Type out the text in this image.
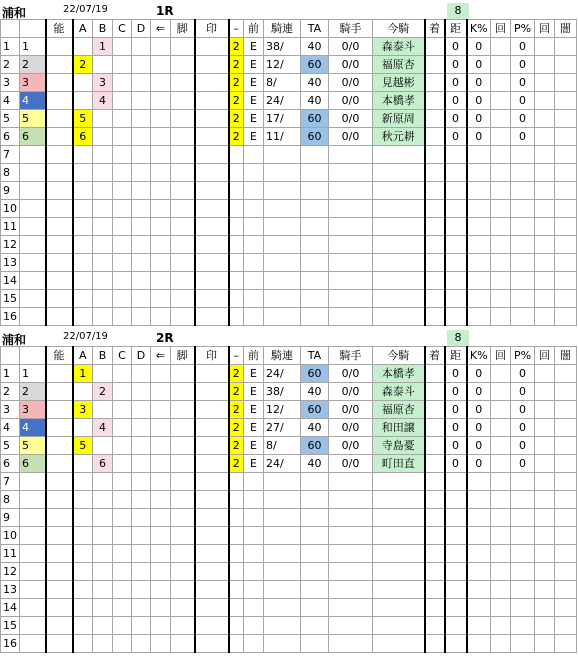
浦和	22/07/19	1R	8
		能	A	B	C	D	⇐	脚	印	–	前	騎連	TA	騎手	今騎	着	距	K%	回	P%	回	闇
1	1			1						2	E	38/	40	0/0	森泰斗		0	0		0		
2	2		2							2	E	12/	60	0/0	福原杏		0	0		0		
3	3			3						2	E	8/	40	0/0	見越彬		0	0		0		
4	4			4						2	E	24/	40	0/0	本橋孝		0	0		0		
5	5		5							2	E	17/	60	0/0	新原周		0	0		0		
6	6		6							2	E	11/	60	0/0	秋元耕		0	0		0		
7																						
8																						
9																						
10																						
11																						
12																						
13																						
14																						
15																						
16																						
浦和	22/07/19	2R	8
		能	A	B	C	D	⇐	脚	印	–	前	騎連	TA	騎手	今騎	着	距	K%	回	P%	回	闇
1	1		1							2	E	24/	60	0/0	本橋孝		0	0		0		
2	2			2						2	E	38/	40	0/0	森泰斗		0	0		0		
3	3		3							2	E	12/	60	0/0	福原杏		0	0		0		
4	4			4						2	E	27/	40	0/0	和田譲		0	0		0		
5	5		5							2	E	8/	60	0/0	寺島憂		0	0		0		
6	6			6						2	E	24/	40	0/0	町田直		0	0		0		
7																						
8																						
9																						
10																						
11																						
12																						
13																						
14																						
15																						
16																						
